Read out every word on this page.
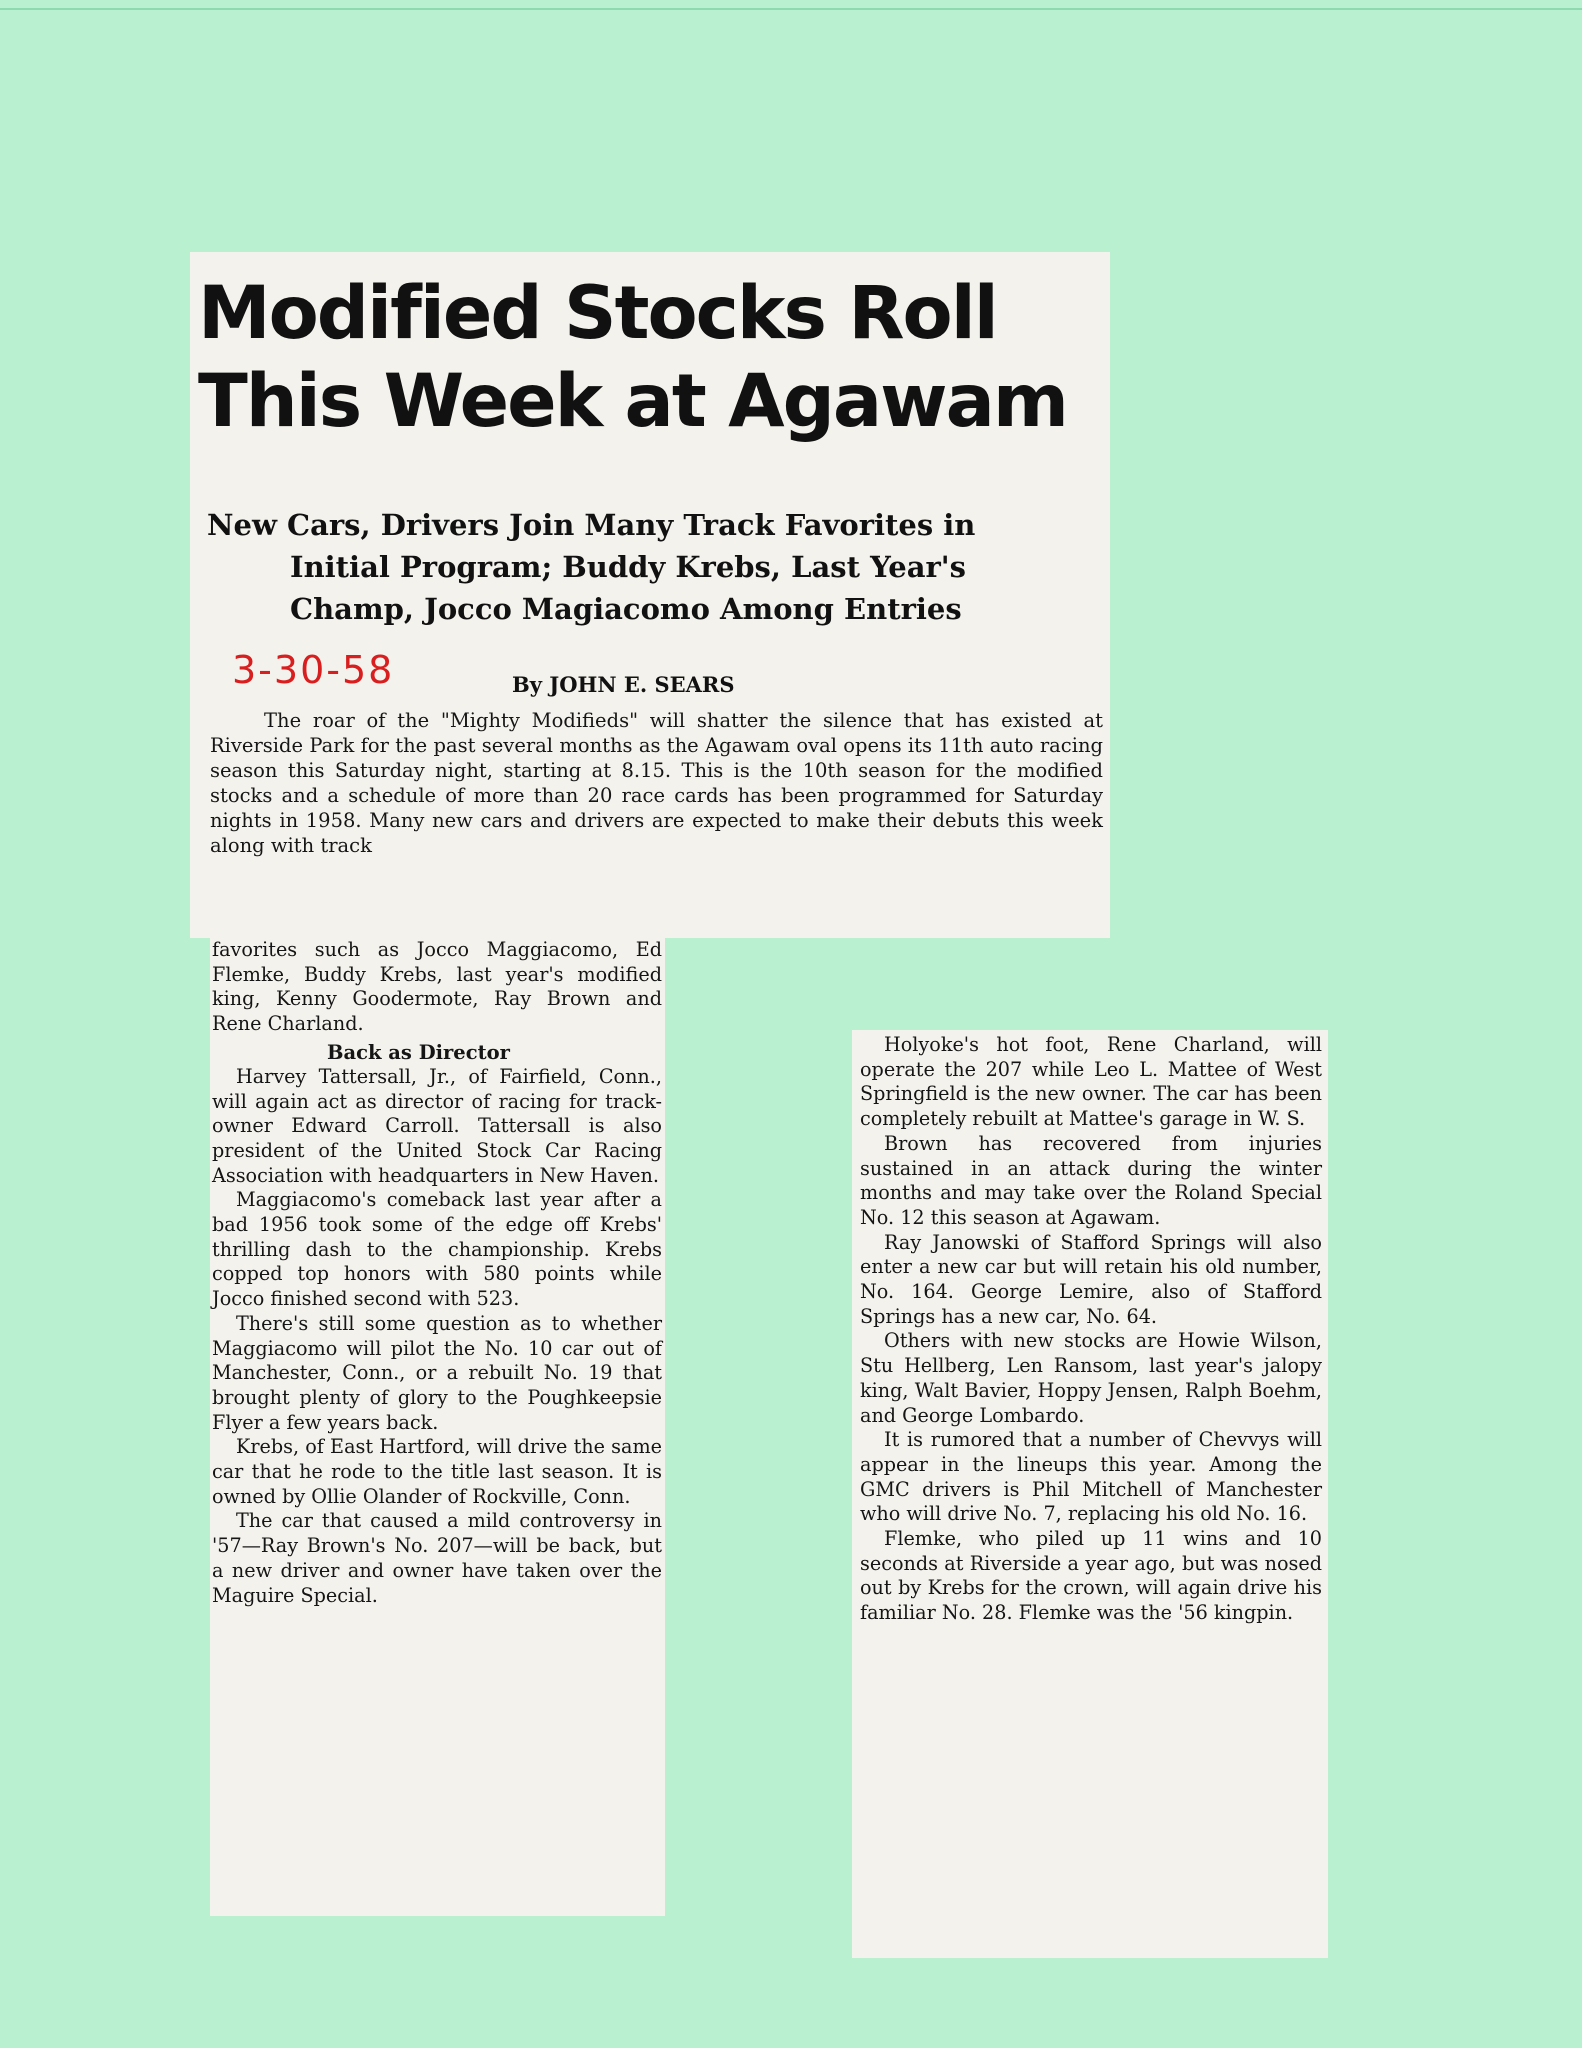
Modified Stocks Roll
This Week at Agawam
New Cars, Drivers Join Many Track Favorites in
Initial Program; Buddy Krebs, Last Year's
Champ, Jocco Magiacomo Among Entries
3-30-58	By JOHN E. SEARS

The roar of the "Mighty Modifieds" will shatter the silence that has existed at Riverside Park for the past several months as the Agawam oval opens its 11th auto racing season this Saturday night, starting at 8.15. This is the 10th season for the modified stocks and a schedule of more than 20 race cards has been programmed for Saturday nights in 1958. Many new cars and drivers are expected to make their debuts this week along with track

favorites such as Jocco Maggiacomo, Ed Flemke, Buddy Krebs, last year's modified king, Kenny Goodermote, Ray Brown and Rene Charland.

Back as Director

Harvey Tattersall, Jr., of Fairfield, Conn., will again act as director of racing for track-owner Edward Carroll. Tattersall is also president of the United Stock Car Racing Association with headquarters in New Haven.

Maggiacomo's comeback last year after a bad 1956 took some of the edge off Krebs' thrilling dash to the championship. Krebs copped top honors with 580 points while Jocco finished second with 523.

There's still some question as to whether Maggiacomo will pilot the No. 10 car out of Manchester, Conn., or a rebuilt No. 19 that brought plenty of glory to the Poughkeepsie Flyer a few years back.

Krebs, of East Hartford, will drive the same car that he rode to the title last season. It is owned by Ollie Olander of Rockville, Conn.

The car that caused a mild controversy in '57—Ray Brown's No. 207—will be back, but a new driver and owner have taken over the Maguire Special.

Holyoke's hot foot, Rene Charland, will operate the 207 while Leo L. Mattee of West Springfield is the new owner. The car has been completely rebuilt at Mattee's garage in W. S.

Brown has recovered from injuries sustained in an attack during the winter months and may take over the Roland Special No. 12 this season at Agawam.

Ray Janowski of Stafford Springs will also enter a new car but will retain his old number, No. 164. George Lemire, also of Stafford Springs has a new car, No. 64.

Others with new stocks are Howie Wilson, Stu Hellberg, Len Ransom, last year's jalopy king, Walt Bavier, Hoppy Jensen, Ralph Boehm, and George Lombardo.

It is rumored that a number of Chevvys will appear in the lineups this year. Among the GMC drivers is Phil Mitchell of Manchester who will drive No. 7, replacing his old No. 16.

Flemke, who piled up 11 wins and 10 seconds at Riverside a year ago, but was nosed out by Krebs for the crown, will again drive his familiar No. 28. Flemke was the '56 kingpin.
